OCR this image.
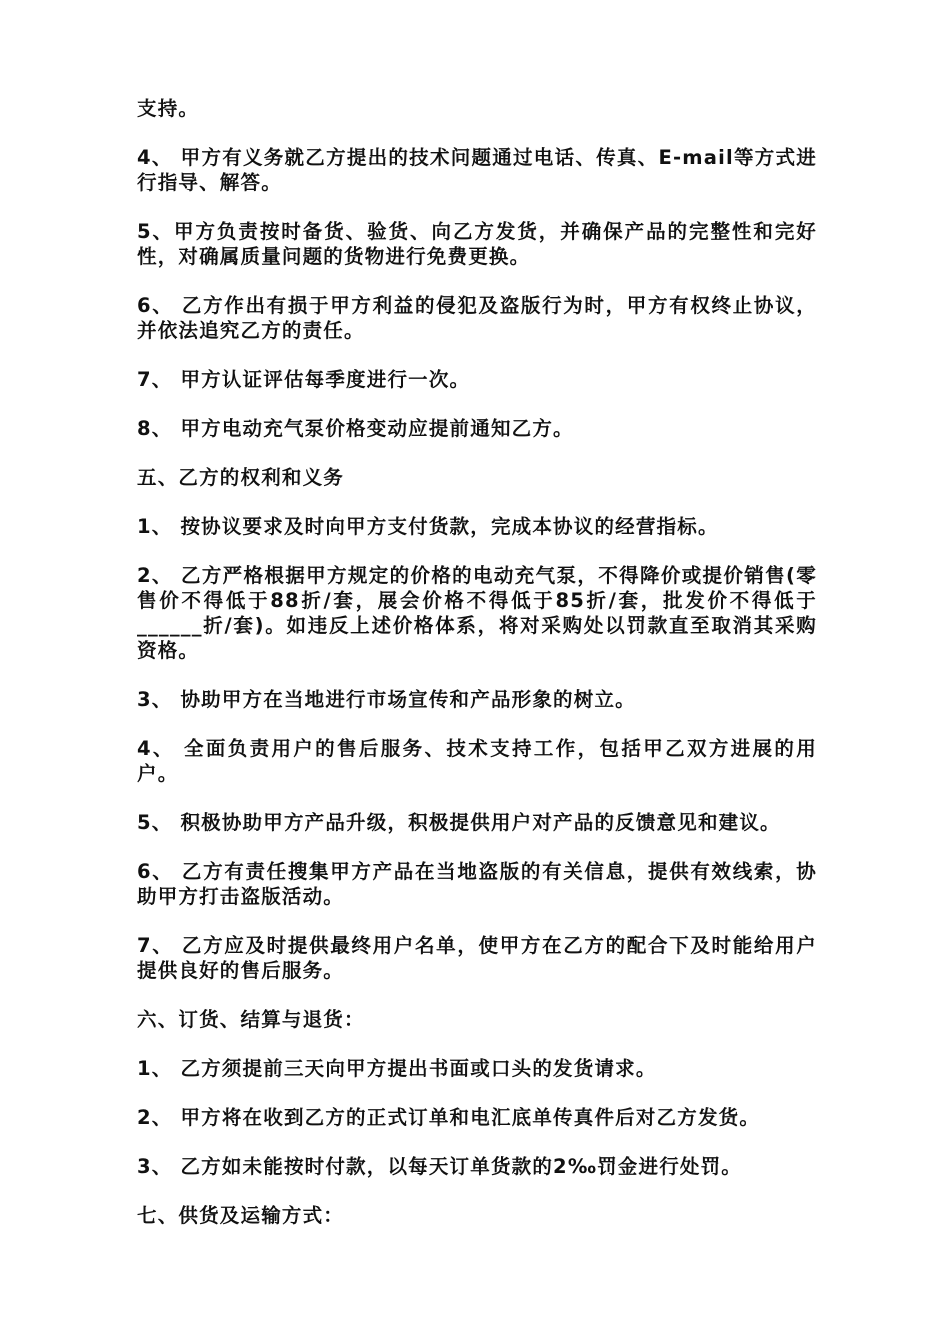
支持。

4、 甲方有义务就乙方提出的技术问题通过电话、传真、E-mail等方式进行指导、解答。

5、甲方负责按时备货、验货、向乙方发货，并确保产品的完整性和完好性，对确属质量问题的货物进行免费更换。

6、 乙方作出有损于甲方利益的侵犯及盗版行为时，甲方有权终止协议，并依法追究乙方的责任。

7、 甲方认证评估每季度进行一次。

8、 甲方电动充气泵价格变动应提前通知乙方。

五、乙方的权利和义务

1、 按协议要求及时向甲方支付货款，完成本协议的经营指标。

2、 乙方严格根据甲方规定的价格的电动充气泵，不得降价或提价销售(零售价不得低于88折/套，展会价格不得低于85折/套，批发价不得低于______折/套)。如违反上述价格体系，将对采购处以罚款直至取消其采购资格。

3、 协助甲方在当地进行市场宣传和产品形象的树立。

4、 全面负责用户的售后服务、技术支持工作，包括甲乙双方进展的用户。

5、 积极协助甲方产品升级，积极提供用户对产品的反馈意见和建议。

6、 乙方有责任搜集甲方产品在当地盗版的有关信息，提供有效线索，协助甲方打击盗版活动。

7、 乙方应及时提供最终用户名单，使甲方在乙方的配合下及时能给用户提供良好的售后服务。

六、订货、结算与退货：

1、 乙方须提前三天向甲方提出书面或口头的发货请求。

2、 甲方将在收到乙方的正式订单和电汇底单传真件后对乙方发货。

3、 乙方如未能按时付款，以每天订单货款的2‰罚金进行处罚。

七、供货及运输方式：
